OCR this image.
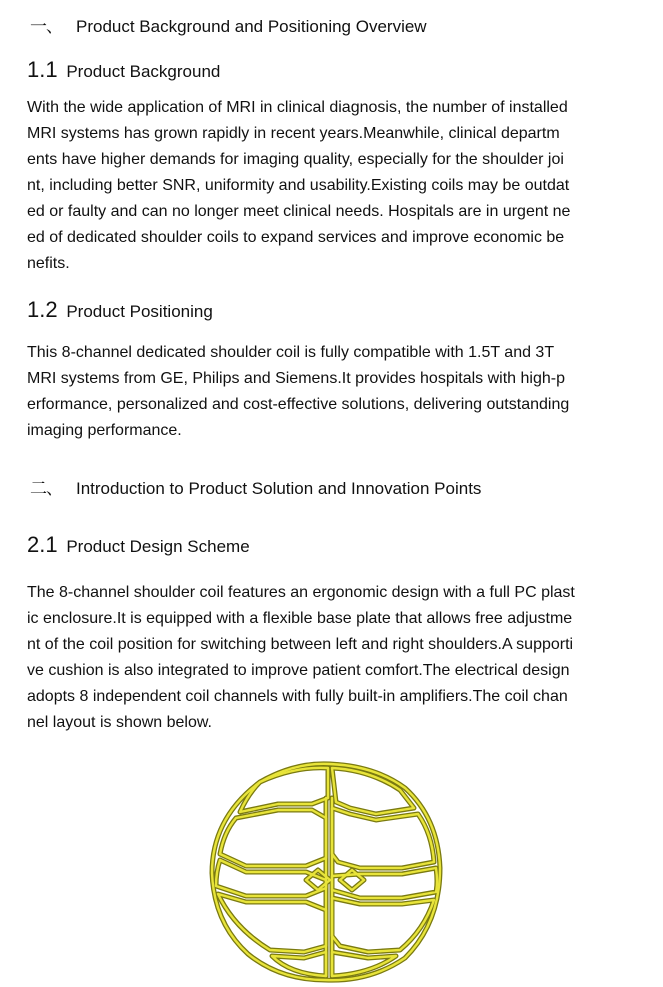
一、 Product Background and Positioning Overview
1.1 Product Background
With the wide application of MRI in clinical diagnosis, the number of installed
MRI systems has grown rapidly in recent years.Meanwhile, clinical departm
ents have higher demands for imaging quality, especially for the shoulder joi
nt, including better SNR, uniformity and usability.Existing coils may be outdat
ed or faulty and can no longer meet clinical needs. Hospitals are in urgent ne
ed of dedicated shoulder coils to expand services and improve economic be
nefits.
1.2 Product Positioning
This 8-channel dedicated shoulder coil is fully compatible with 1.5T and 3T
MRI systems from GE, Philips and Siemens.It provides hospitals with high-p
erformance, personalized and cost-effective solutions, delivering outstanding
imaging performance.
二、 Introduction to Product Solution and Innovation Points
2.1 Product Design Scheme
The 8-channel shoulder coil features an ergonomic design with a full PC plast
ic enclosure.It is equipped with a flexible base plate that allows free adjustme
nt of the coil position for switching between left and right shoulders.A supporti
ve cushion is also integrated to improve patient comfort.The electrical design
adopts 8 independent coil channels with fully built-in amplifiers.The coil chan
nel layout is shown below.
